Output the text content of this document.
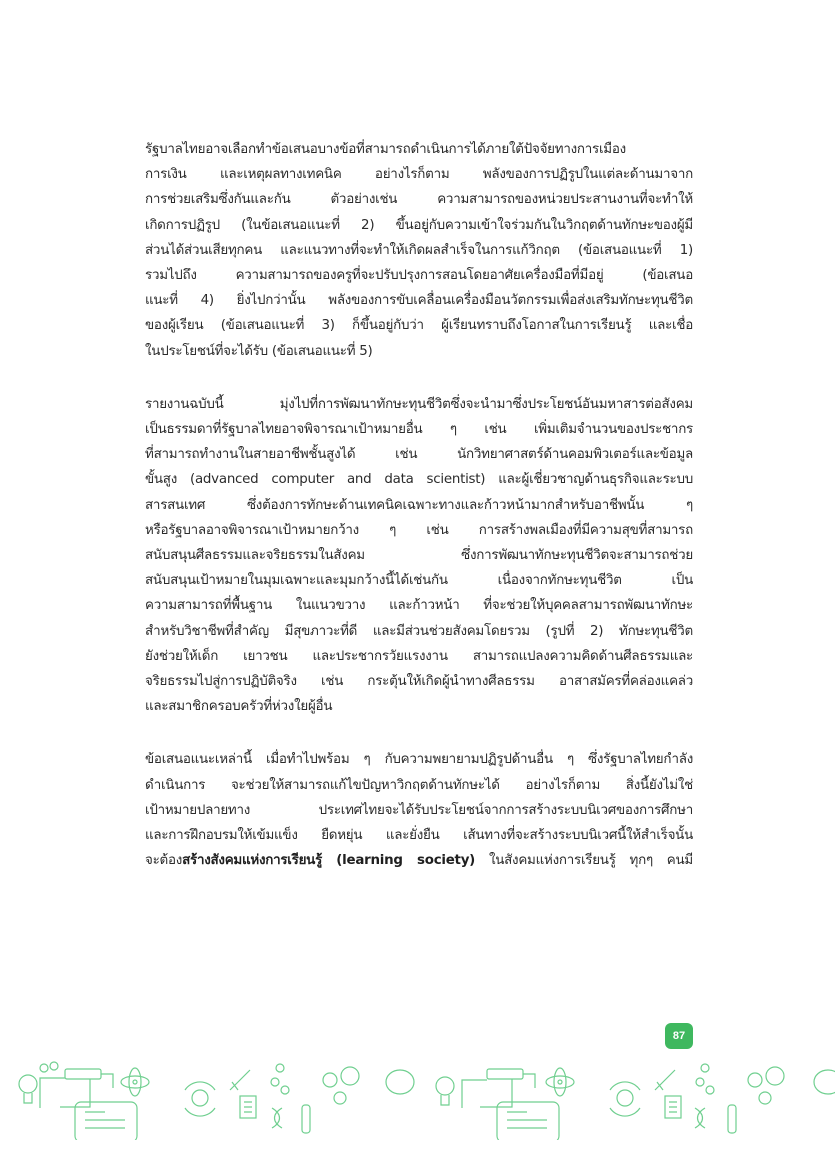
รัฐบาลไทยอาจเลือกทำข้อเสนอบางข้อที่สามารถดำเนินการได้ภายใต้ปัจจัยทางการเมือง
การเงิน และเหตุผลทางเทคนิค อย่างไรก็ตาม พลังของการปฏิรูปในแต่ละด้านมาจาก
การช่วยเสริมซึ่งกันและกัน ตัวอย่างเช่น ความสามารถของหน่วยประสานงานที่จะทำให้
เกิดการปฏิรูป (ในข้อเสนอแนะที่ 2) ขึ้นอยู่กับความเข้าใจร่วมกันในวิกฤตด้านทักษะของผู้มี
ส่วนได้ส่วนเสียทุกคน และแนวทางที่จะทำให้เกิดผลสำเร็จในการแก้วิกฤต (ข้อเสนอแนะที่ 1)
รวมไปถึง ความสามารถของครูที่จะปรับปรุงการสอนโดยอาศัยเครื่องมือที่มีอยู่ (ข้อเสนอ
แนะที่ 4) ยิ่งไปกว่านั้น พลังของการขับเคลื่อนเครื่องมือนวัตกรรมเพื่อส่งเสริมทักษะทุนชีวิต
ของผู้เรียน (ข้อเสนอแนะที่ 3) ก็ขึ้นอยู่กับว่า ผู้เรียนทราบถึงโอกาสในการเรียนรู้ และเชื่อ
ในประโยชน์ที่จะได้รับ (ข้อเสนอแนะที่ 5)

รายงานฉบับนี้ มุ่งไปที่การพัฒนาทักษะทุนชีวิตซึ่งจะนำมาซึ่งประโยชน์อันมหาสารต่อสังคม
เป็นธรรมดาที่รัฐบาลไทยอาจพิจารณาเป้าหมายอื่น ๆ เช่น เพิ่มเติมจำนวนของประชากร
ที่สามารถทำงานในสายอาชีพชั้นสูงได้ เช่น นักวิทยาศาสตร์ด้านคอมพิวเตอร์และข้อมูล
ขั้นสูง (advanced computer and data scientist) และผู้เชี่ยวชาญด้านธุรกิจและระบบ
สารสนเทศ ซึ่งต้องการทักษะด้านเทคนิคเฉพาะทางและก้าวหน้ามากสำหรับอาชีพนั้น ๆ
หรือรัฐบาลอาจพิจารณาเป้าหมายกว้าง ๆ เช่น การสร้างพลเมืองที่มีความสุขที่สามารถ
สนับสนุนศีลธรรมและจริยธรรมในสังคม ซึ่งการพัฒนาทักษะทุนชีวิตจะสามารถช่วย
สนับสนุนเป้าหมายในมุมเฉพาะและมุมกว้างนี้ได้เช่นกัน เนื่องจากทักษะทุนชีวิต เป็น
ความสามารถที่พื้นฐาน ในแนวขวาง และก้าวหน้า ที่จะช่วยให้บุคคลสามารถพัฒนาทักษะ
สำหรับวิชาชีพที่สำคัญ มีสุขภาวะที่ดี และมีส่วนช่วยสังคมโดยรวม (รูปที่ 2) ทักษะทุนชีวิต
ยังช่วยให้เด็ก เยาวชน และประชากรวัยแรงงาน สามารถแปลงความคิดด้านศีลธรรมและ
จริยธรรมไปสู่การปฏิบัติจริง เช่น กระตุ้นให้เกิดผู้นำทางศีลธรรม อาสาสมัครที่คล่องแคล่ว
และสมาชิกครอบครัวที่ห่วงใยผู้อื่น

ข้อเสนอแนะเหล่านี้ เมื่อทำไปพร้อม ๆ กับความพยายามปฏิรูปด้านอื่น ๆ ซึ่งรัฐบาลไทยกำลัง
ดำเนินการ จะช่วยให้สามารถแก้ไขปัญหาวิกฤตด้านทักษะได้ อย่างไรก็ตาม สิ่งนี้ยังไม่ใช่
เป้าหมายปลายทาง ประเทศไทยจะได้รับประโยชน์จากการสร้างระบบนิเวศของการศึกษา
และการฝึกอบรมให้เข้มแข็ง ยืดหยุ่น และยั่งยืน เส้นทางที่จะสร้างระบบนิเวศนี้ให้สำเร็จนั้น
จะต้องสร้างสังคมแห่งการเรียนรู้ (learning society) ในสังคมแห่งการเรียนรู้ ทุกๆ คนมี

87
